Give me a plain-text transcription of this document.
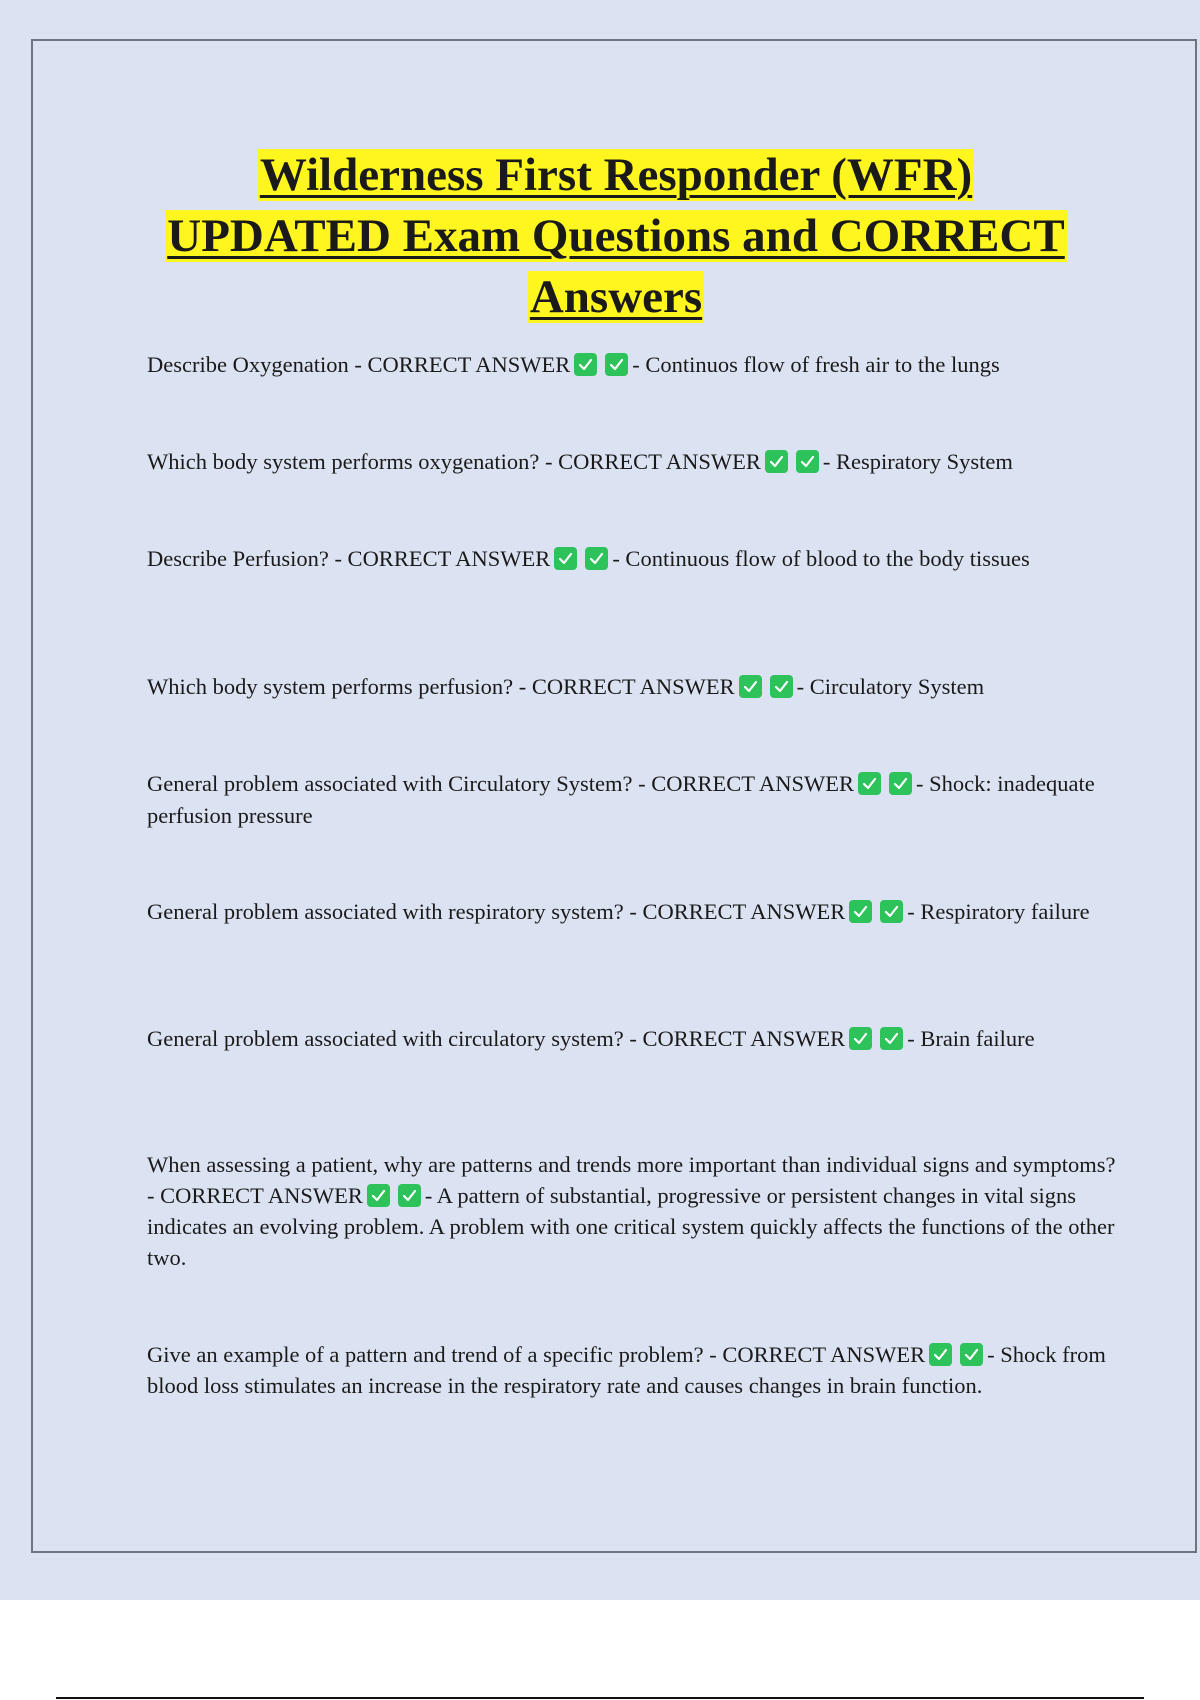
Wilderness First Responder (WFR)
UPDATED Exam Questions and CORRECT
Answers
Describe Oxygenation - CORRECT ANSWER	- Continuos flow of fresh air to the lungs
Which body system performs oxygenation? - CORRECT ANSWER	- Respiratory System
Describe Perfusion? - CORRECT ANSWER	- Continuous flow of blood to the body tissues
Which body system performs perfusion? - CORRECT ANSWER	- Circulatory System
General problem associated with Circulatory System? - CORRECT ANSWER	- Shock: inadequate perfusion pressure
General problem associated with respiratory system? - CORRECT ANSWER	- Respiratory failure
General problem associated with circulatory system? - CORRECT ANSWER	- Brain failure
When assessing a patient, why are patterns and trends more important than individual signs and symptoms? - CORRECT ANSWER	- A pattern of substantial, progressive or persistent changes in vital signs indicates an evolving problem. A problem with one critical system quickly affects the functions of the other two.
Give an example of a pattern and trend of a specific problem? - CORRECT ANSWER	- Shock from blood loss stimulates an increase in the respiratory rate and causes changes in brain function.
